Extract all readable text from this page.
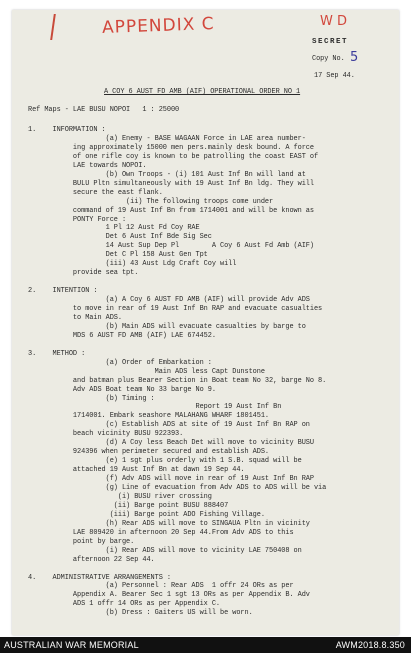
APPENDIX C	W D
SECRET
Copy No. 5
17 Sep 44.
A COY 6 AUST FD AMB (AIF) OPERATIONAL ORDER NO 1
Ref Maps - LAE BUSU NOPOI   1 : 25000
1.    INFORMATION :
(a) Enemy - BASE WAGAAN Force in LAE area number-
ing approximately 15000 men pers.mainly desk bound. A force
of one rifle coy is known to be patrolling the coast EAST of
LAE towards NOPOI.
(b) Own Troops - (i) 101 Aust Inf Bn will land at
BULU Pltn simultaneously with 19 Aust Inf Bn ldg. They will
secure the east flank.
(ii) The following troops come under
command of 19 Aust Inf Bn from 1714001 and will be known as
PONTY Force :
1 Pl 12 Aust Fd Coy RAE
Det 6 Aust Inf Bde Sig Sec
14 Aust Sup Dep Pl        A Coy 6 Aust Fd Amb (AIF)
Det C Pl 158 Aust Gen Tpt
(iii) 43 Aust Ldg Craft Coy will
provide sea tpt.
2.    INTENTION :
(a) A Coy 6 AUST FD AMB (AIF) will provide Adv ADS
to move in rear of 19 Aust Inf Bn RAP and evacuate casualties
to Main ADS.
(b) Main ADS will evacuate casualties by barge to
MDS 6 AUST FD AMB (AIF) LAE 674452.
3.    METHOD :
(a) Order of Embarkation :
Main ADS less Capt Dunstone
and batman plus Bearer Section in Boat team No 32, barge No 8.
Adv ADS Boat team No 33 barge No 9.
(b) Timing :
Report 19 Aust Inf Bn
1714001. Embark seashore MALAHANG WHARF 1801451.
(c) Establish ADS at site of 19 Aust Inf Bn RAP on
beach vicinity BUSU 922393.
(d) A Coy less Beach Det will move to vicinity BUSU
924396 when perimeter secured and establish ADS.
(e) 1 sgt plus orderly with 1 S.B. squad will be
attached 19 Aust Inf Bn at dawn 19 Sep 44.
(f) Adv ADS will move in rear of 19 Aust Inf Bn RAP
(g) Line of evacuation from Adv ADS to ADS will be via
(i) BUSU river crossing
(ii) Barge point BUSU 888407
(iii) Barge point ADO Fishing Village.
(h) Rear ADS will move to SINGAUA Pltn in vicinity
LAE 809420 in afternoon 20 Sep 44.From Adv ADS to this
point by barge.
(i) Rear ADS will move to vicinity LAE 750408 on
afternoon 22 Sep 44.
4.    ADMINISTRATIVE ARRANGEMENTS :
(a) Personnel : Rear ADS  1 offr 24 ORs as per
Appendix A. Bearer Sec 1 sgt 13 ORs as per Appendix B. Adv
ADS 1 offr 14 ORs as per Appendix C.
(b) Dress : Gaiters US will be worn.
AUSTRALIAN WAR MEMORIAL	AWM2018.8.350
